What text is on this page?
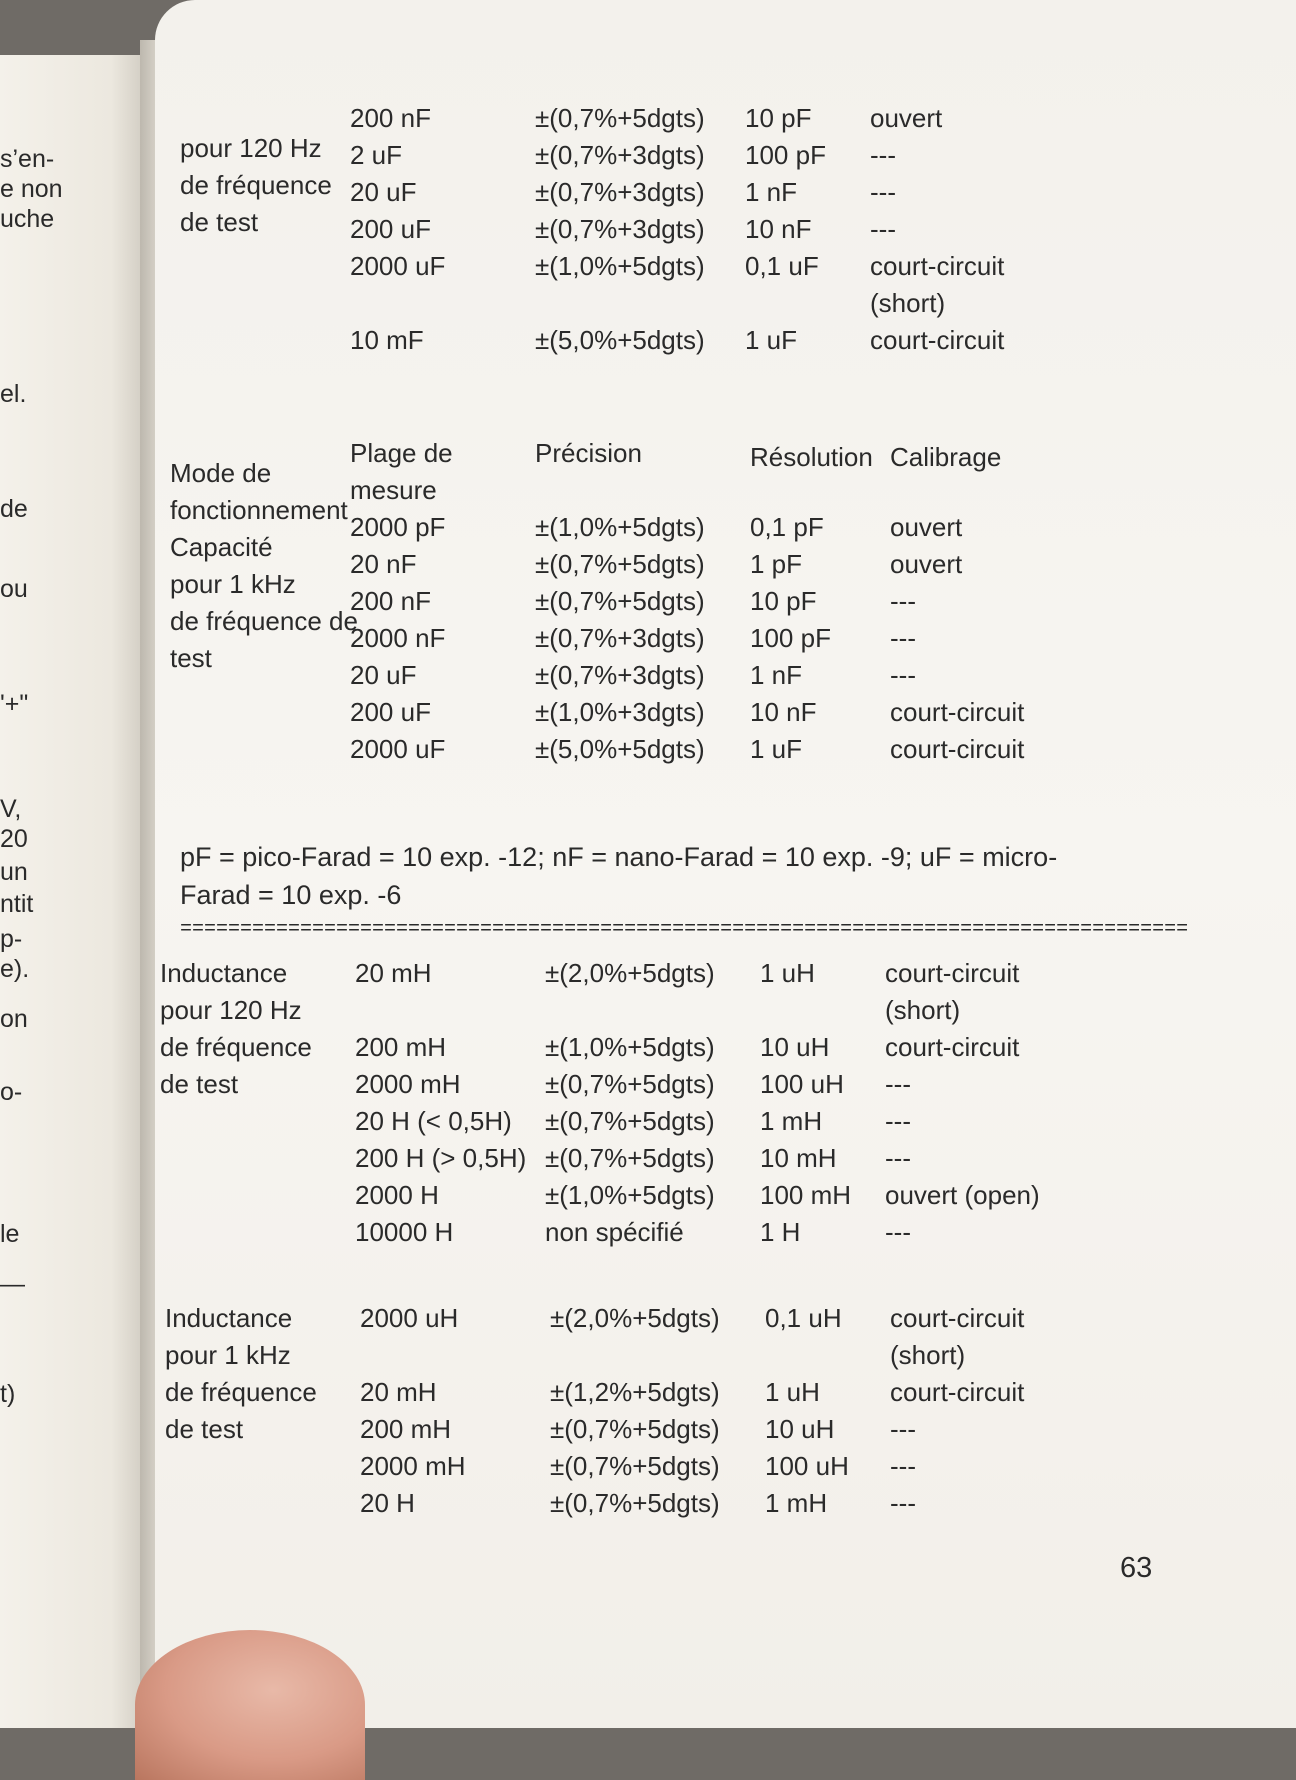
s’en-
e non
uche
el.
de
ou
'+"
V,
20
un
ntit
p-
e).
on
o-
le
—
t)
pour 120 Hz
de fréquence
de test
200 nF
2 uF
20 uF
200 uF
2000 uF
10 mF
±(0,7%+5dgts)
±(0,7%+3dgts)
±(0,7%+3dgts)
±(0,7%+3dgts)
±(1,0%+5dgts)
±(5,0%+5dgts)
10 pF
100 pF
1 nF
10 nF
0,1 uF
1 uF
ouvert
---
---
---
court-circuit
(short)
court-circuit
Mode de
fonctionnement
Capacité
pour 1 kHz
de fréquence de
test
Plage de
mesure
2000 pF
20 nF
200 nF
2000 nF
20 uF
200 uF
2000 uF
Précision
±(1,0%+5dgts)
±(0,7%+5dgts)
±(0,7%+5dgts)
±(0,7%+3dgts)
±(0,7%+3dgts)
±(1,0%+3dgts)
±(5,0%+5dgts)
Résolution
0,1 pF
1 pF
10 pF
100 pF
1 nF
10 nF
1 uF
Calibrage
ouvert
ouvert
---
---
---
court-circuit
court-circuit
pF = pico-Farad = 10 exp. -12; nF = nano-Farad = 10 exp. -9; uF = micro-
Farad = 10 exp. -6
====================================================================================
Inductance
pour 120 Hz
de fréquence
de test
20 mH
200 mH
2000 mH
20 H (< 0,5H)
200 H (> 0,5H)
2000 H
10000 H
±(2,0%+5dgts)
±(1,0%+5dgts)
±(0,7%+5dgts)
±(0,7%+5dgts)
±(0,7%+5dgts)
±(1,0%+5dgts)
non spécifié
1 uH
10 uH
100 uH
1 mH
10 mH
100 mH
1 H
court-circuit
(short)
court-circuit
---
---
---
ouvert (open)
---
Inductance
pour 1 kHz
de fréquence
de test
2000 uH
20 mH
200 mH
2000 mH
20 H
±(2,0%+5dgts)
±(1,2%+5dgts)
±(0,7%+5dgts)
±(0,7%+5dgts)
±(0,7%+5dgts)
0,1 uH
1 uH
10 uH
100 uH
1 mH
court-circuit
(short)
court-circuit
---
---
---
63
